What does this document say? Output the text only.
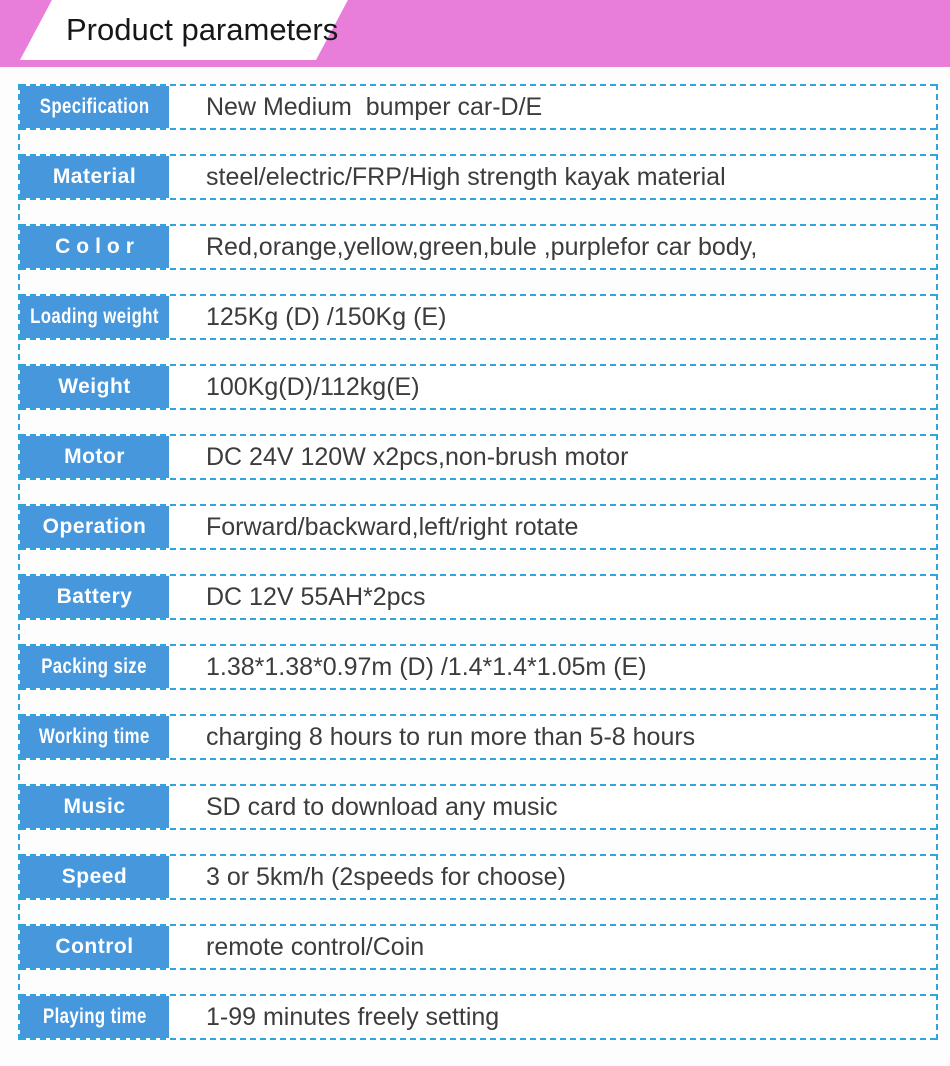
Product parameters
Specification	New Medium  bumper car-D/E
Material	steel/electric/FRP/High strength kayak material
Color	Red,orange,yellow,green,bule ,purplefor car body,
Loading weight	125Kg (D) /150Kg (E)
Weight	100Kg(D)/112kg(E)
Motor	DC 24V 120W x2pcs,non-brush motor
Operation	Forward/backward,left/right rotate
Battery	DC 12V 55AH*2pcs
Packing size	1.38*1.38*0.97m (D) /1.4*1.4*1.05m (E)
Working time	charging 8 hours to run more than 5-8 hours
Music	SD card to download any music
Speed	3 or 5km/h (2speeds for choose)
Control	remote control/Coin
Playing time	1-99 minutes freely setting
